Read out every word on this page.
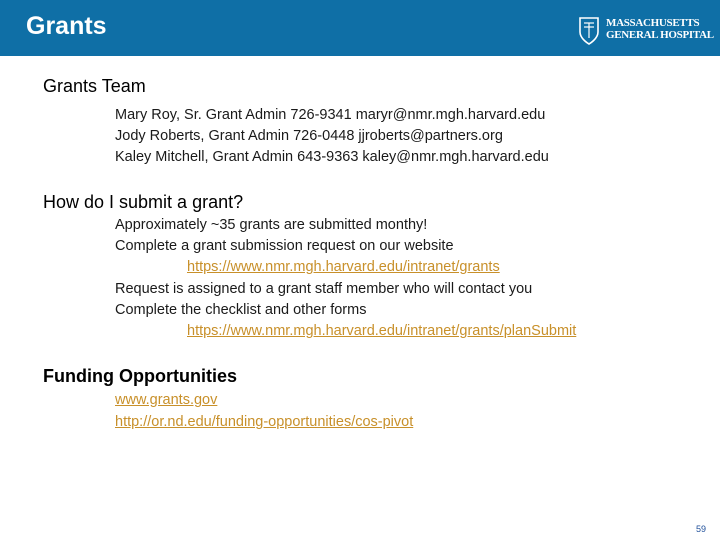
Grants	MASSACHUSETTS
GENERAL HOSPITAL
Grants Team
Mary Roy, Sr. Grant Admin 726-9341 maryr@nmr.mgh.harvard.edu
Jody Roberts, Grant Admin 726-0448 jjroberts@partners.org
Kaley Mitchell, Grant Admin 643-9363 kaley@nmr.mgh.harvard.edu
How do I submit a grant?
Approximately ~35 grants are submitted monthy!
Complete a grant submission request on our website
https://www.nmr.mgh.harvard.edu/intranet/grants
Request is assigned to a grant staff member who will contact you
Complete the checklist and other forms
https://www.nmr.mgh.harvard.edu/intranet/grants/planSubmit
Funding Opportunities
www.grants.gov
http://or.nd.edu/funding-opportunities/cos-pivot
59
